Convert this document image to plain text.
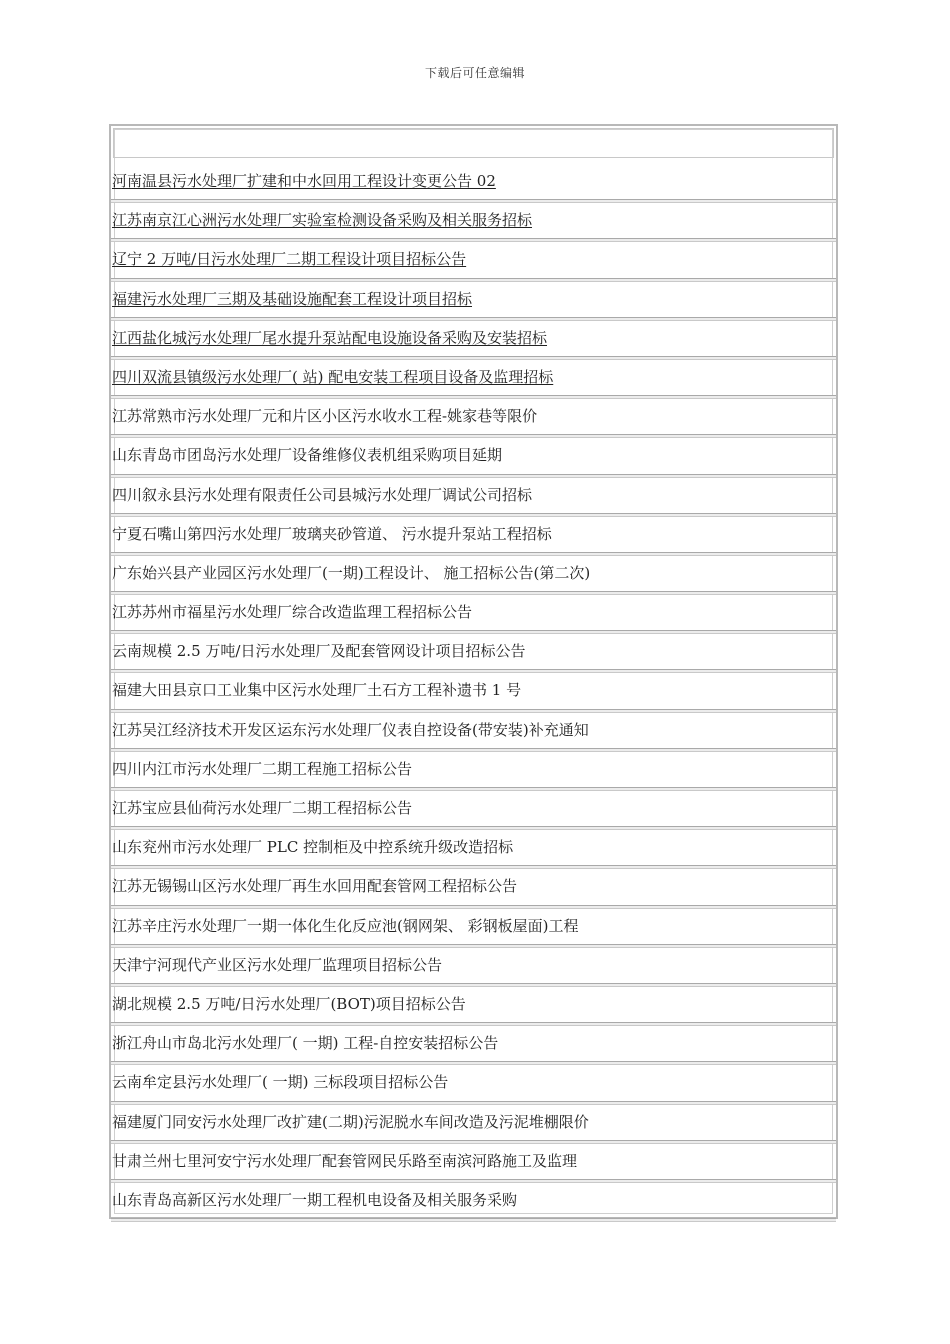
下载后可任意编辑
河南温县污水处理厂扩建和中水回用工程设计变更公告 02
江苏南京江心洲污水处理厂实验室检测设备采购及相关服务招标
辽宁 2 万吨/日污水处理厂二期工程设计项目招标公告
福建污水处理厂三期及基础设施配套工程设计项目招标
江西盐化城污水处理厂尾水提升泵站配电设施设备采购及安装招标
四川双流县镇级污水处理厂( 站) 配电安装工程项目设备及监理招标
江苏常熟市污水处理厂元和片区小区污水收水工程-姚家巷等限价
山东青岛市团岛污水处理厂设备维修仪表机组采购项目延期
四川叙永县污水处理有限责任公司县城污水处理厂调试公司招标
宁夏石嘴山第四污水处理厂玻璃夹砂管道、 污水提升泵站工程招标
广东始兴县产业园区污水处理厂(一期)工程设计、 施工招标公告(第二次)
江苏苏州市福星污水处理厂综合改造监理工程招标公告
云南规模 2.5 万吨/日污水处理厂及配套管网设计项目招标公告
福建大田县京口工业集中区污水处理厂土石方工程补遗书 1 号
江苏吴江经济技术开发区运东污水处理厂仪表自控设备(带安装)补充通知
四川内江市污水处理厂二期工程施工招标公告
江苏宝应县仙荷污水处理厂二期工程招标公告
山东兖州市污水处理厂 PLC 控制柜及中控系统升级改造招标
江苏无锡锡山区污水处理厂再生水回用配套管网工程招标公告
江苏辛庄污水处理厂一期一体化生化反应池(钢网架、 彩钢板屋面)工程
天津宁河现代产业区污水处理厂监理项目招标公告
湖北规模 2.5 万吨/日污水处理厂(BOT)项目招标公告
浙江舟山市岛北污水处理厂( 一期) 工程-自控安装招标公告
云南牟定县污水处理厂( 一期) 三标段项目招标公告
福建厦门同安污水处理厂改扩建(二期)污泥脱水车间改造及污泥堆棚限价
甘肃兰州七里河安宁污水处理厂配套管网民乐路至南滨河路施工及监理
山东青岛高新区污水处理厂一期工程机电设备及相关服务采购
